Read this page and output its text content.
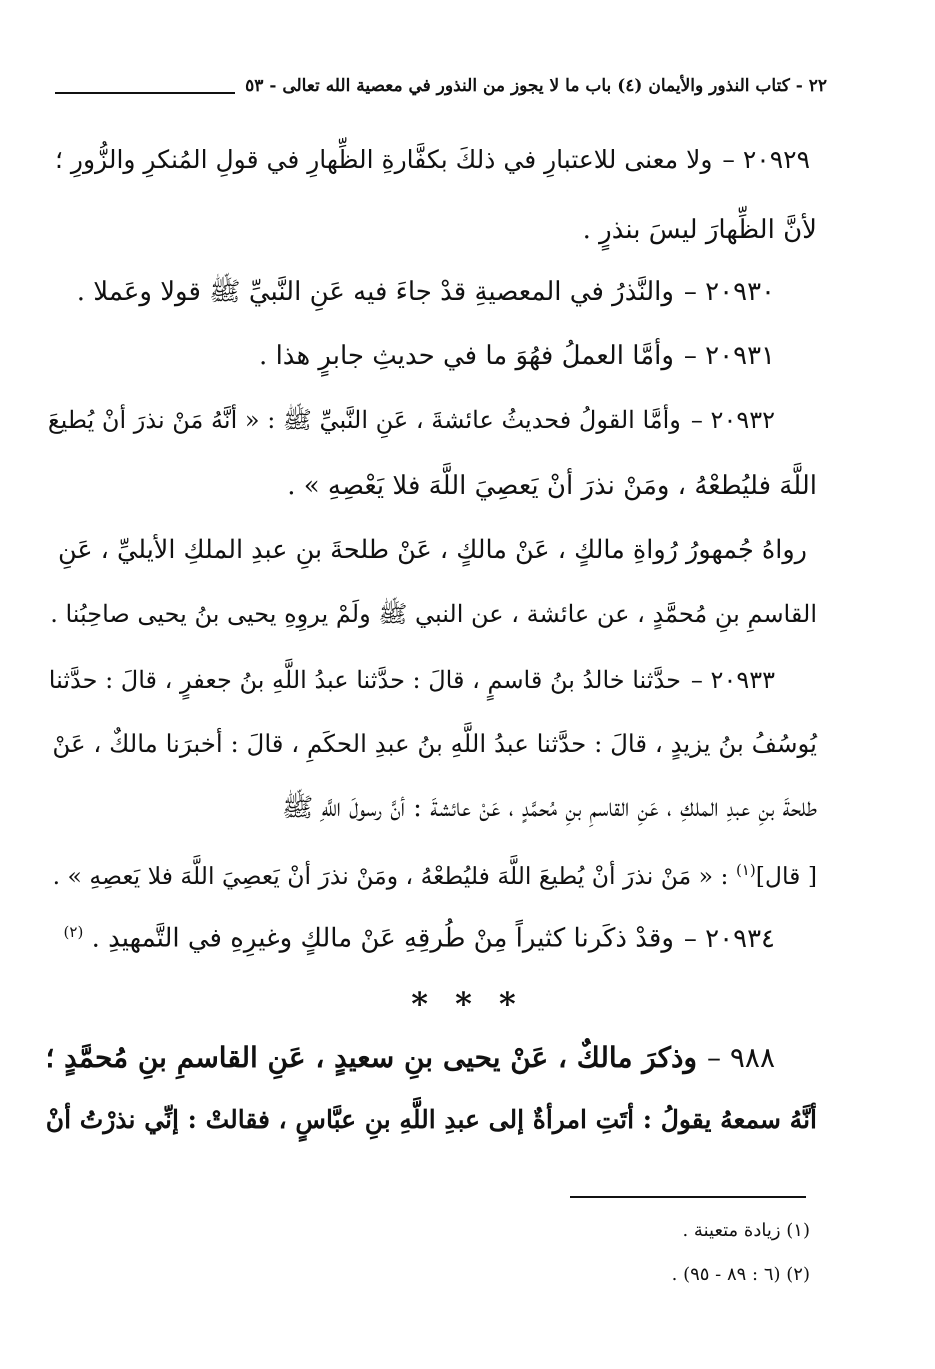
٢٢ - كتاب النذور والأيمان (٤) باب ما لا يجوز من النذور في معصية الله تعالى - ٥٣
٢٠٩٢٩ –ولا معنى للاعتبارِ في ذلكَ بكفَّارةِ الظِّهارِ في قولِ المُنكرِ والزُّورِ ؛
لأنَّ الظِّهارَ ليسَ بنذرٍ .
٢٠٩٣٠ –والنَّذرُ في المعصيةِ قدْ جاءَ فيه عَنِ النَّبيِّ ﷺ قولا وعَملا .
٢٠٩٣١ –وأمَّا العملُ فهُوَ ما في حديثِ جابرٍ هذا .
٢٠٩٣٢ –وأمَّا القولُ فحديثُ عائشةَ ، عَنِ النَّبيِّ ﷺ : « أنَّهُ مَنْ نذرَ أنْ يُطيعَ
اللَّهَ فليُطعْهُ ، ومَنْ نذرَ أنْ يَعصِيَ اللَّهَ فلا يَعْصِهِ » .
رواهُ جُمهورُ رُواةِ مالكٍ ، عَنْ مالكٍ ، عَنْ طلحةَ بنِ عبدِ الملكِ الأيليِّ ، عَنِ
القاسمِ بنِ مُحمَّدٍ ، عن عائشة ، عن النبي ﷺ ولَمْ يروِهِ يحيى بنُ يحيى صاحِبُنا .
٢٠٩٣٣ –حدَّثنا خالدُ بنُ قاسمٍ ، قالَ : حدَّثنا عبدُ اللَّهِ بنُ جعفرٍ ، قالَ : حدَّثنا
يُوسُفُ بنُ يزيدٍ ، قالَ : حدَّثنا عبدُ اللَّهِ بنُ عبدِ الحكَمِ ، قالَ : أخبرَنا مالكٌ ، عَنْ
طلحةَ بنِ عبدِ الملكِ ، عَنِ القاسمِ بنِ مُحمَّدٍ ، عَنْ عائشةَ : أنَّ رسولَ اللَّهِ ﷺ
[ قال]$^{(١)}$ : « مَنْ نذرَ أنْ يُطيعَ اللَّهَ فليُطعْهُ ، ومَنْ نذرَ أنْ يَعصِيَ اللَّهَ فلا يَعصِهِ » .
٢٠٩٣٤ –وقدْ ذكَرنا كثيراً مِنْ طُرقِهِ عَنْ مالكٍ وغيرِهِ في التَّمهيدِ . $^{(٢)}$
* * *
٩٨٨ –وذكرَ مالكٌ ، عَنْ يحيى بنِ سعيدٍ ، عَنِ القاسمِ بنِ مُحمَّدٍ ؛
أنَّهُ سمعهُ يقولُ : أتَتِ امرأةٌ إلى عبدِ اللَّهِ بنِ عبَّاسٍ ، فقالتْ : إنِّي نذرْتُ أنْ
(١) زيادة متعينة .
(٢) (٦ : ٨٩ - ٩٥) .
